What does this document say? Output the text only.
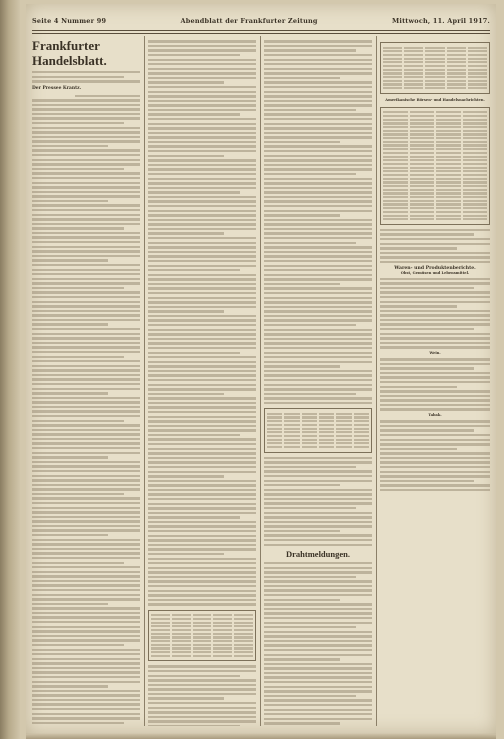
Seite 4 Nummer 99	Abendblatt der Frankfurter Zeitung	Mittwoch, 11. April 1917.
Frankfurter Handelsblatt.
Der Pressee Krantz.
Drahtmeldungen.
Amerikanische Börsen- und Handelsnachrichten.
Waren- und Produktenberichte.
Obst, Gemüsen und Lebensmittel.
Wein.
Tabak.
